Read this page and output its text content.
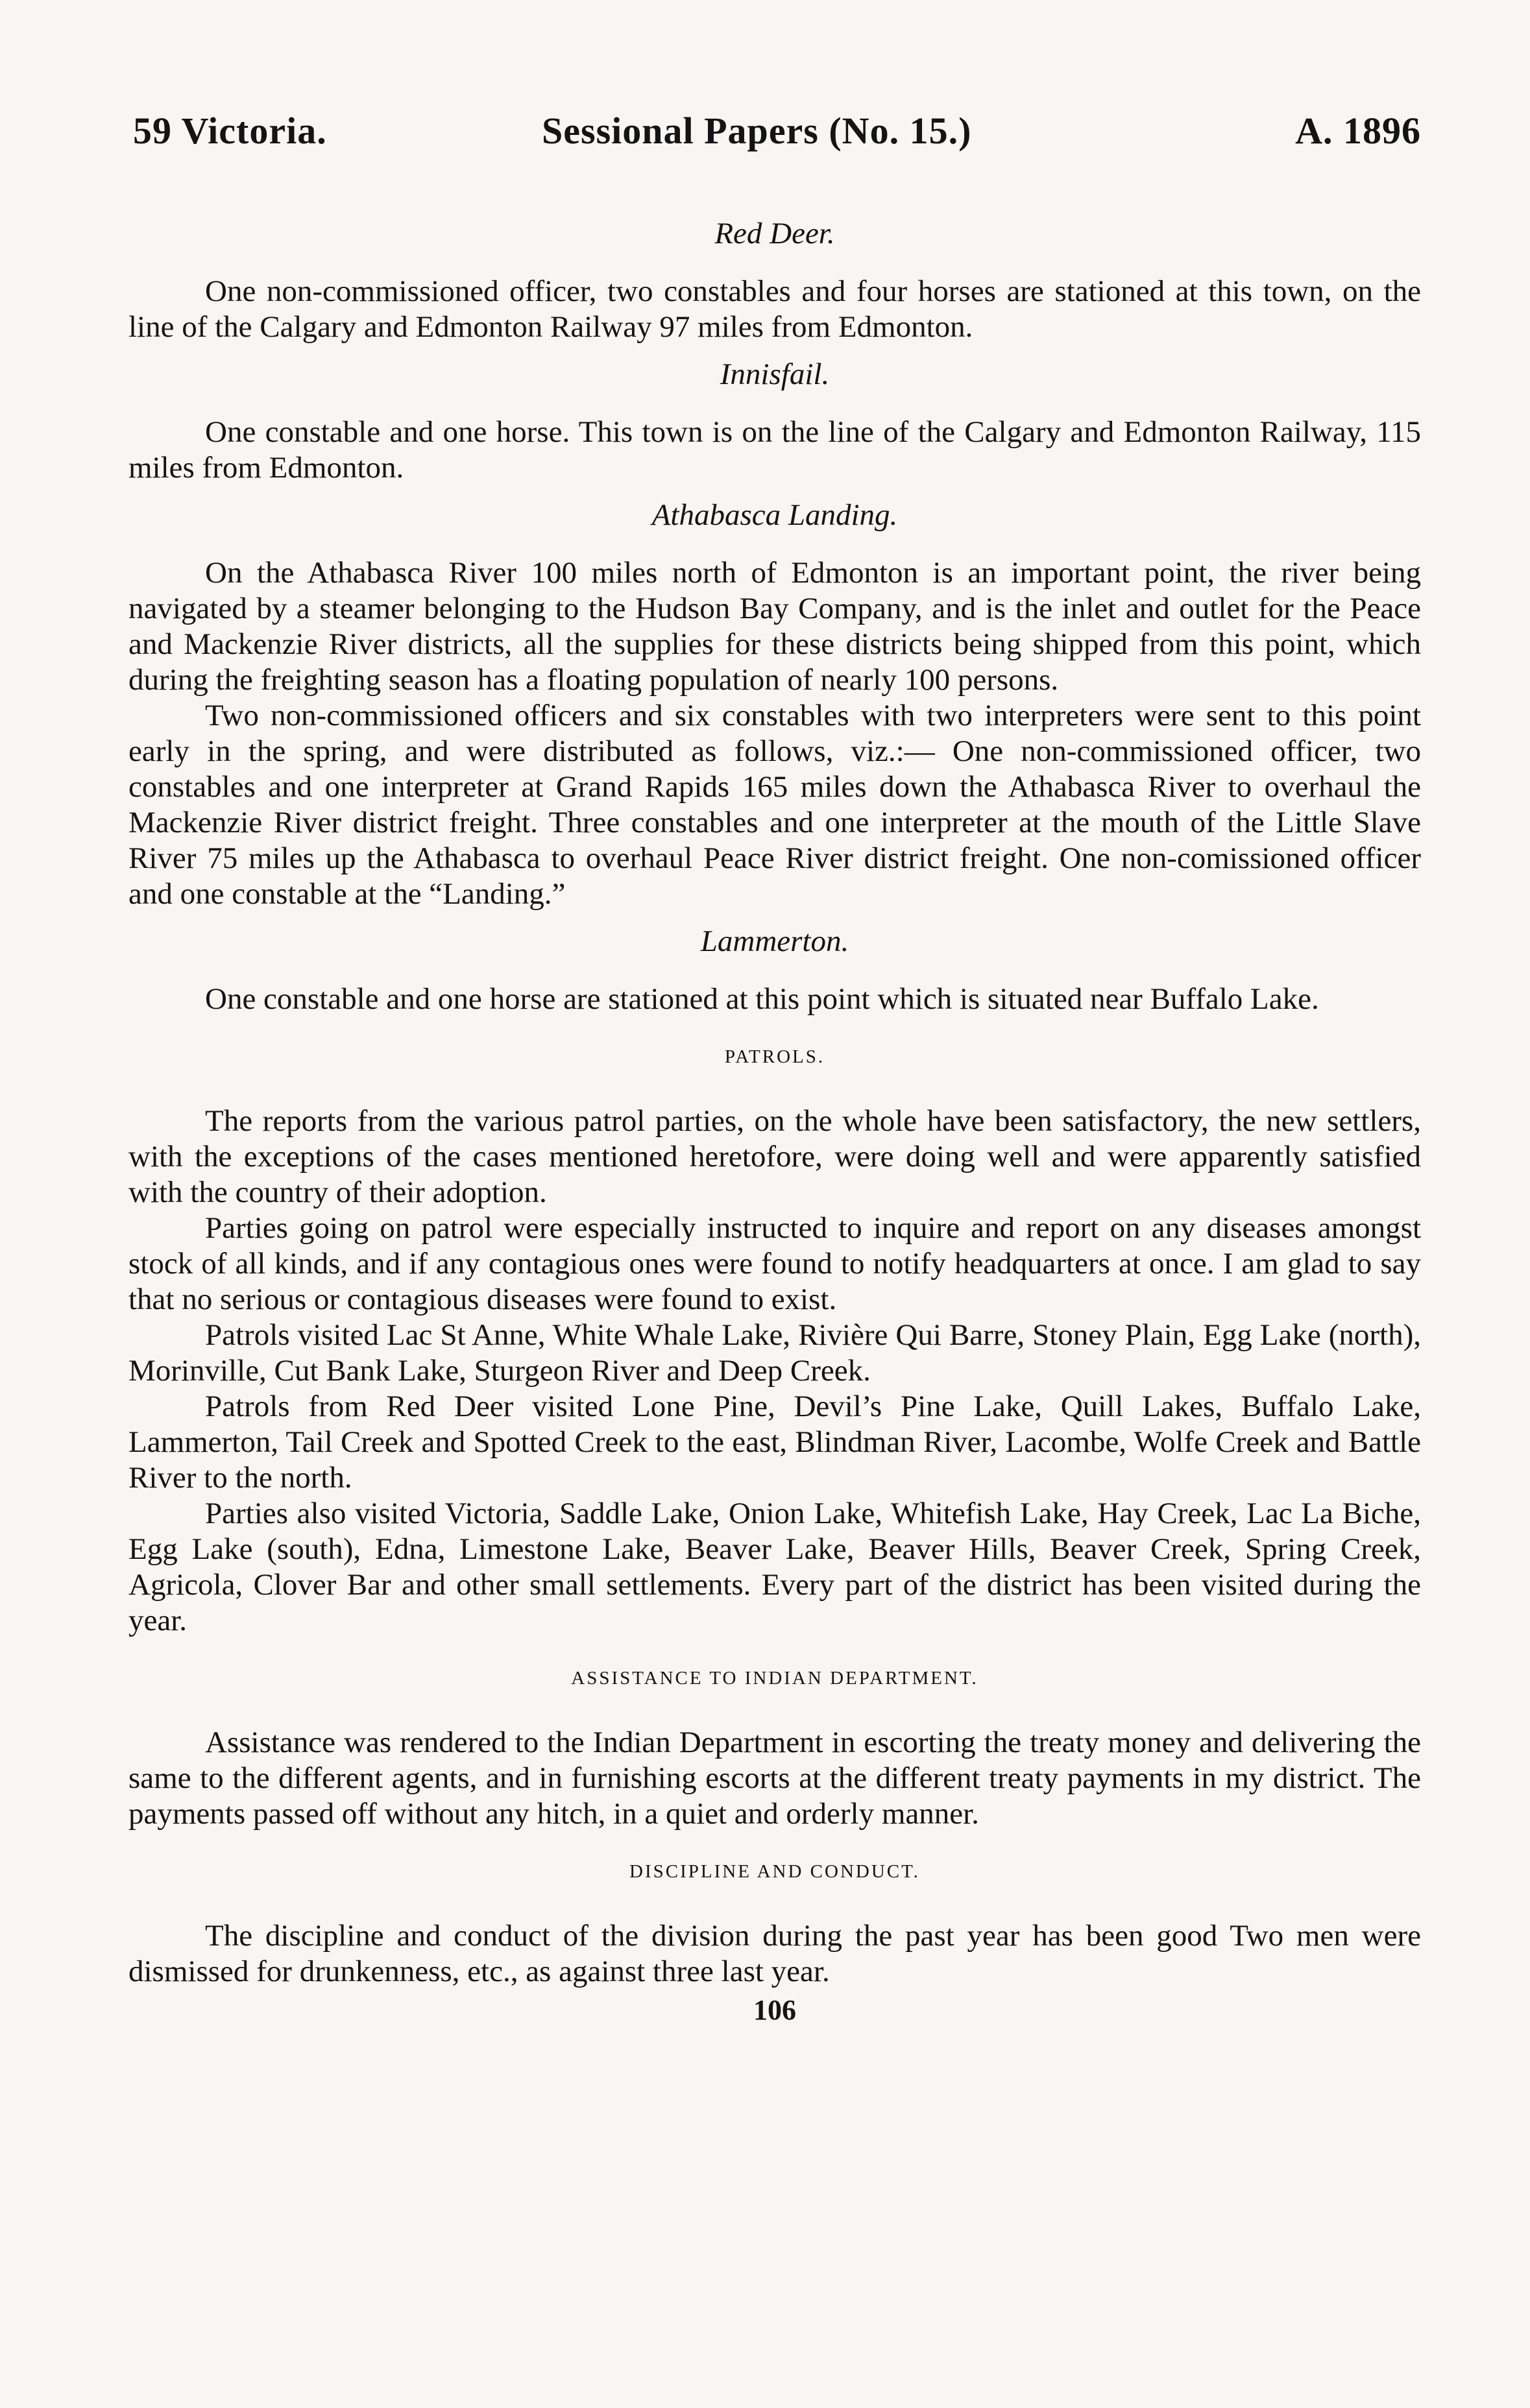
59 Victoria.	Sessional Papers (No. 15.)	A. 1896
Red Deer.

One non-commissioned officer, two constables and four horses are stationed at this town, on the line of the Calgary and Edmonton Railway 97 miles from Edmonton.

Innisfail.

One constable and one horse. This town is on the line of the Calgary and Edmonton Railway, 115 miles from Edmonton.

Athabasca Landing.

On the Athabasca River 100 miles north of Edmonton is an important point, the river being navigated by a steamer belonging to the Hudson Bay Company, and is the inlet and outlet for the Peace and Mackenzie River districts, all the supplies for these districts being shipped from this point, which during the freighting season has a floating population of nearly 100 persons.

Two non-commissioned officers and six constables with two interpreters were sent to this point early in the spring, and were distributed as follows, viz.:— One non-commissioned officer, two constables and one interpreter at Grand Rapids 165 miles down the Athabasca River to overhaul the Mackenzie River district freight. Three constables and one interpreter at the mouth of the Little Slave River 75 miles up the Athabasca to overhaul Peace River district freight. One non-comissioned officer and one constable at the “Landing.”

Lammerton.

One constable and one horse are stationed at this point which is situated near Buffalo Lake.

PATROLS.

The reports from the various patrol parties, on the whole have been satisfactory, the new settlers, with the exceptions of the cases mentioned heretofore, were doing well and were apparently satisfied with the country of their adoption.

Parties going on patrol were especially instructed to inquire and report on any diseases amongst stock of all kinds, and if any contagious ones were found to notify headquarters at once. I am glad to say that no serious or contagious diseases were found to exist.

Patrols visited Lac St Anne, White Whale Lake, Rivière Qui Barre, Stoney Plain, Egg Lake (north), Morinville, Cut Bank Lake, Sturgeon River and Deep Creek.

Patrols from Red Deer visited Lone Pine, Devil’s Pine Lake, Quill Lakes, Buffalo Lake, Lammerton, Tail Creek and Spotted Creek to the east, Blindman River, Lacombe, Wolfe Creek and Battle River to the north.

Parties also visited Victoria, Saddle Lake, Onion Lake, Whitefish Lake, Hay Creek, Lac La Biche, Egg Lake (south), Edna, Limestone Lake, Beaver Lake, Beaver Hills, Beaver Creek, Spring Creek, Agricola, Clover Bar and other small settlements. Every part of the district has been visited during the year.

ASSISTANCE TO INDIAN DEPARTMENT.

Assistance was rendered to the Indian Department in escorting the treaty money and delivering the same to the different agents, and in furnishing escorts at the different treaty payments in my district. The payments passed off without any hitch, in a quiet and orderly manner.

DISCIPLINE AND CONDUCT.

The discipline and conduct of the division during the past year has been good Two men were dismissed for drunkenness, etc., as against three last year.

106
